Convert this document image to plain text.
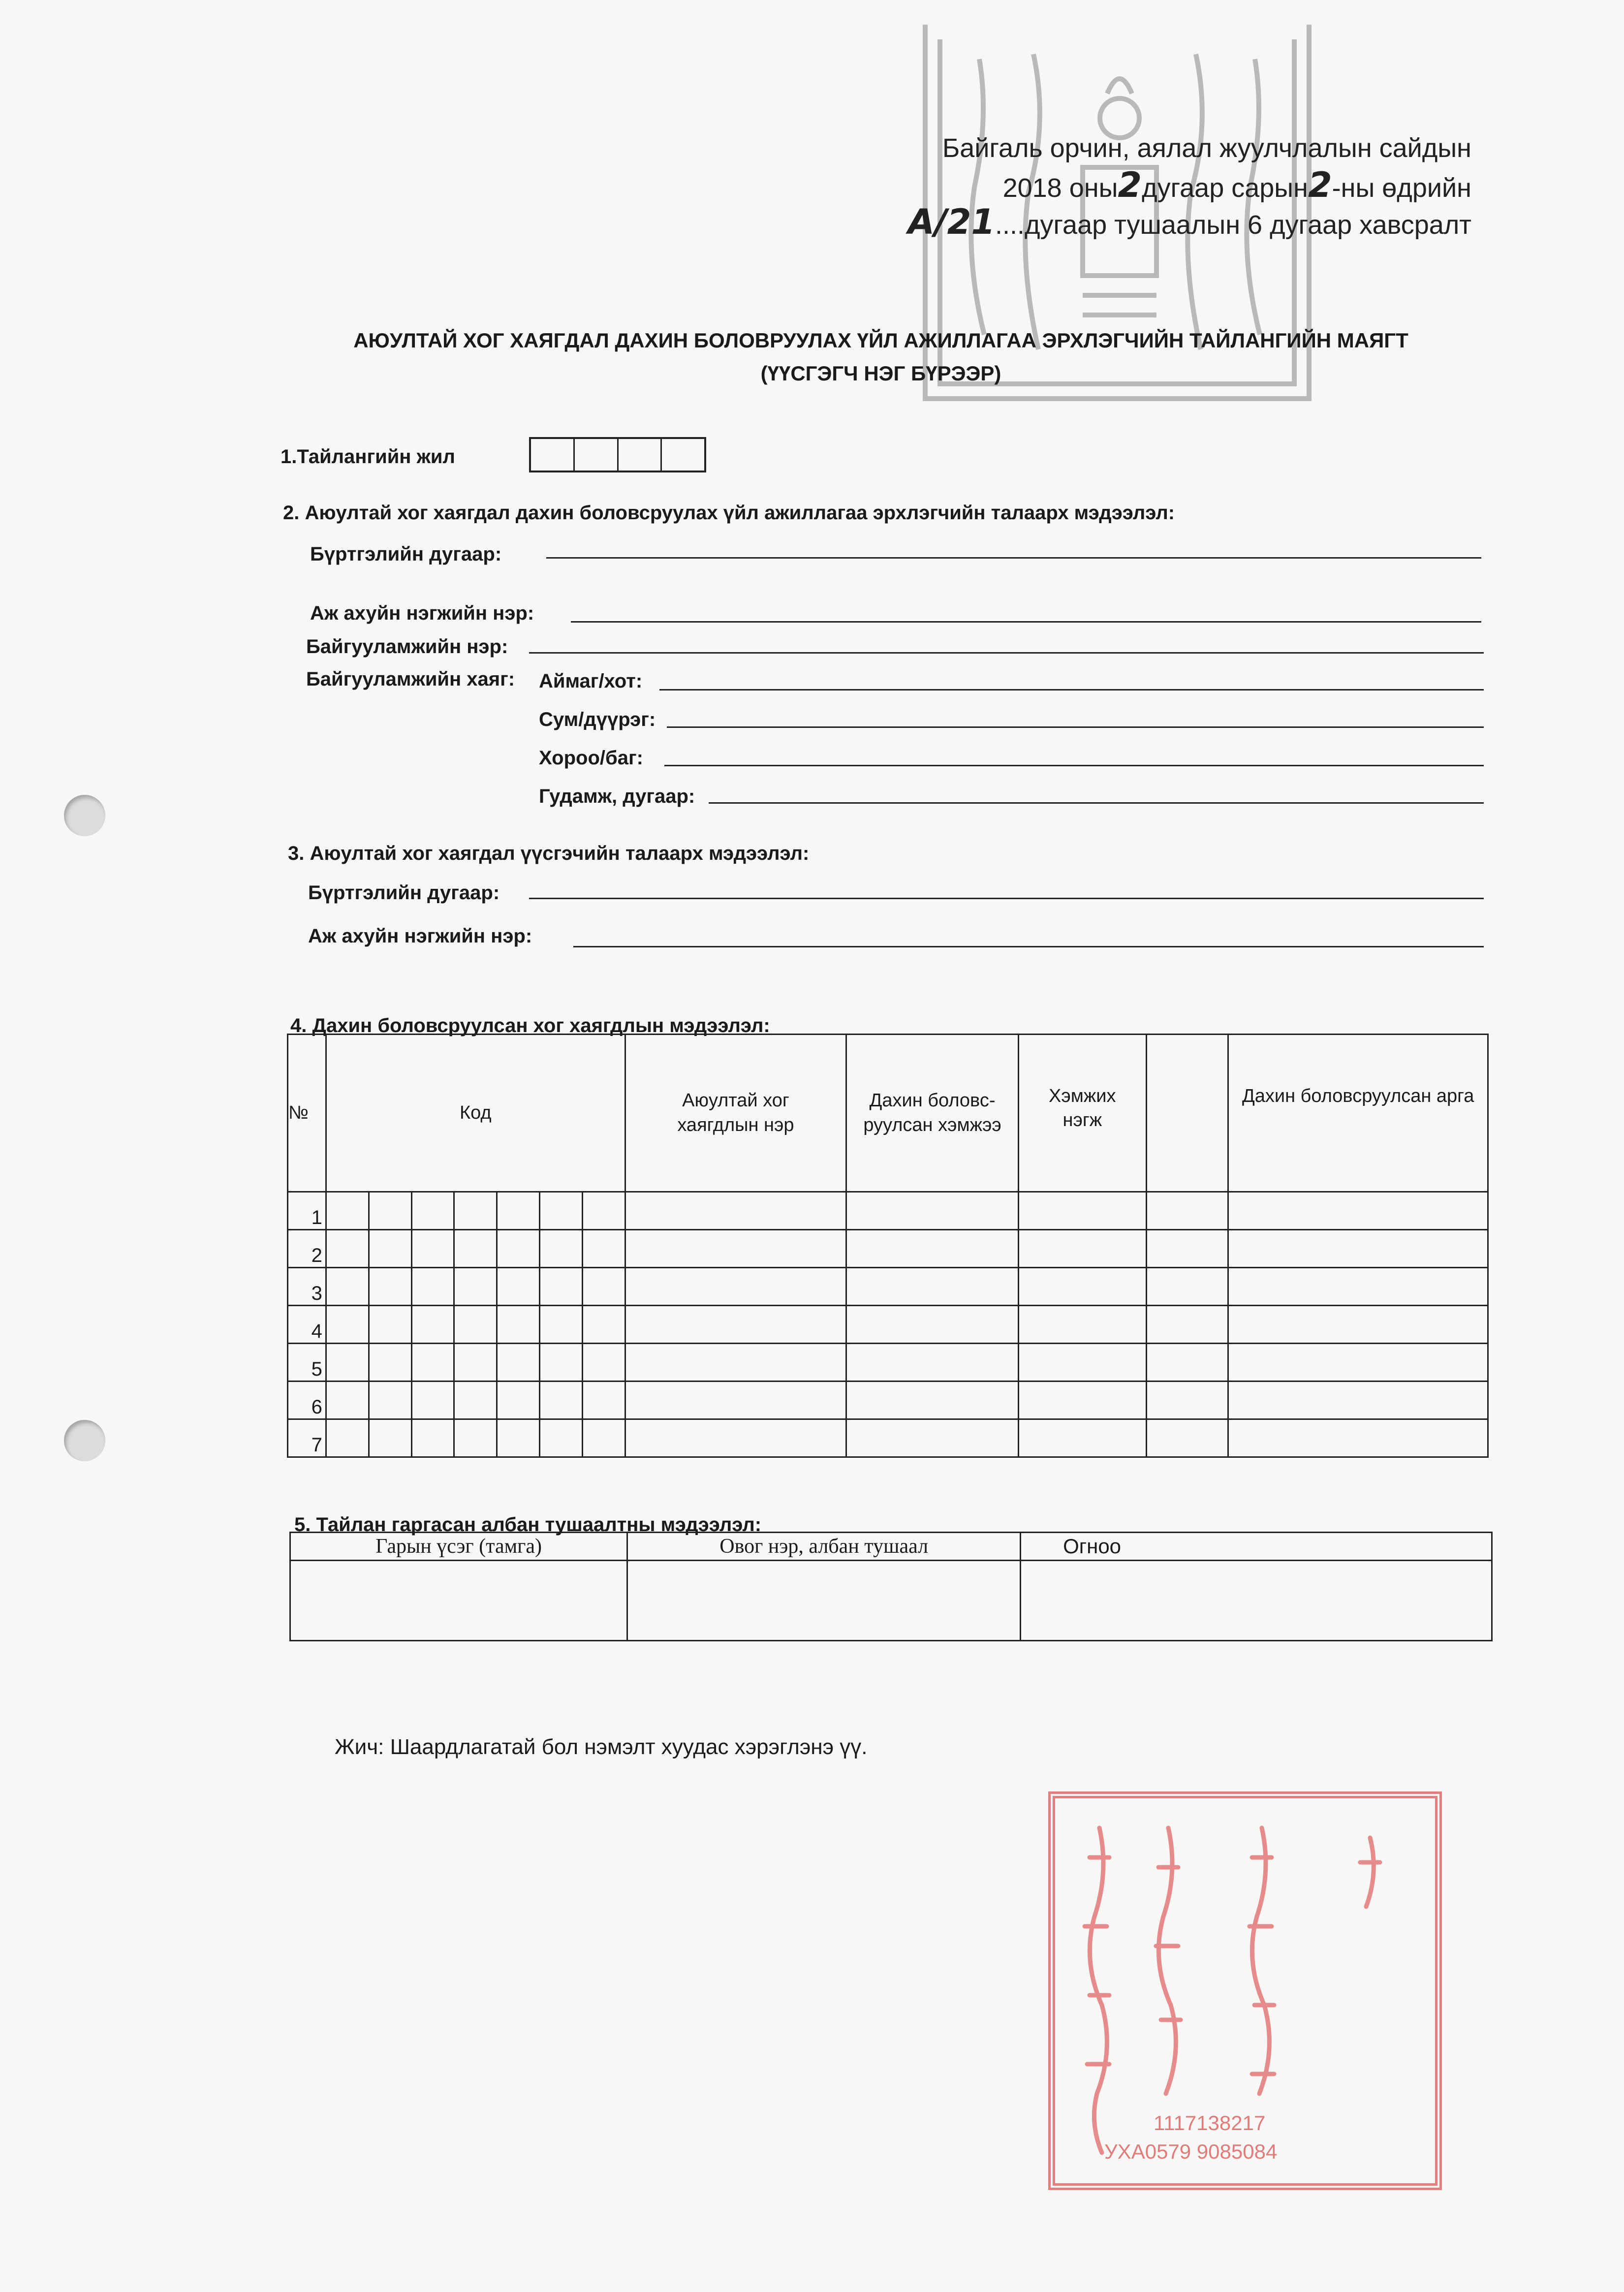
Байгаль орчин, аялал жуулчлалын сайдын
2018 оны2дугаар сарын2-ны өдрийн
А/21....дугаар тушаалын 6 дугаар хавсралт
АЮУЛТАЙ ХОГ ХАЯГДАЛ ДАХИН БОЛОВРУУЛАХ ҮЙЛ АЖИЛЛАГАА ЭРХЛЭГЧИЙН ТАЙЛАНГИЙН МАЯГТ
(ҮҮСГЭГЧ НЭГ БҮРЭЭР)
1.Тайлангийн жил
2. Аюултай хог хаягдал дахин боловсруулах үйл ажиллагаа эрхлэгчийн талаарх мэдээлэл:
Бүртгэлийн дугаар:
Аж ахуйн нэгжийн нэр:
Байгууламжийн нэр:
Байгууламжийн хаяг:	Аймаг/хот:
Сум/дүүрэг:
Хороо/баг:
Гудамж, дугаар:
3. Аюултай хог хаягдал үүсгэчийн талаарх мэдээлэл:
Бүртгэлийн дугаар:
Аж ахуйн нэгжийн нэр:
4. Дахин боловсруулсан хог хаягдлын мэдээлэл:
№	Код							Аюултай хог хаягдлын нэр	Дахин боловс-руулсан хэмжээ	Хэмжих нэгж		Дахин боловсруулсан арга
1												
2												
3												
4												
5												
6												
7												
5. Тайлан гаргасан албан тушаалтны мэдээлэл:
Гарын үсэг (тамга)	Овог нэр, албан тушаал	Огноо

Жич: Шаардлагатай бол нэмэлт хуудас хэрэглэнэ үү.
1117138217
УХА0579 9085084
